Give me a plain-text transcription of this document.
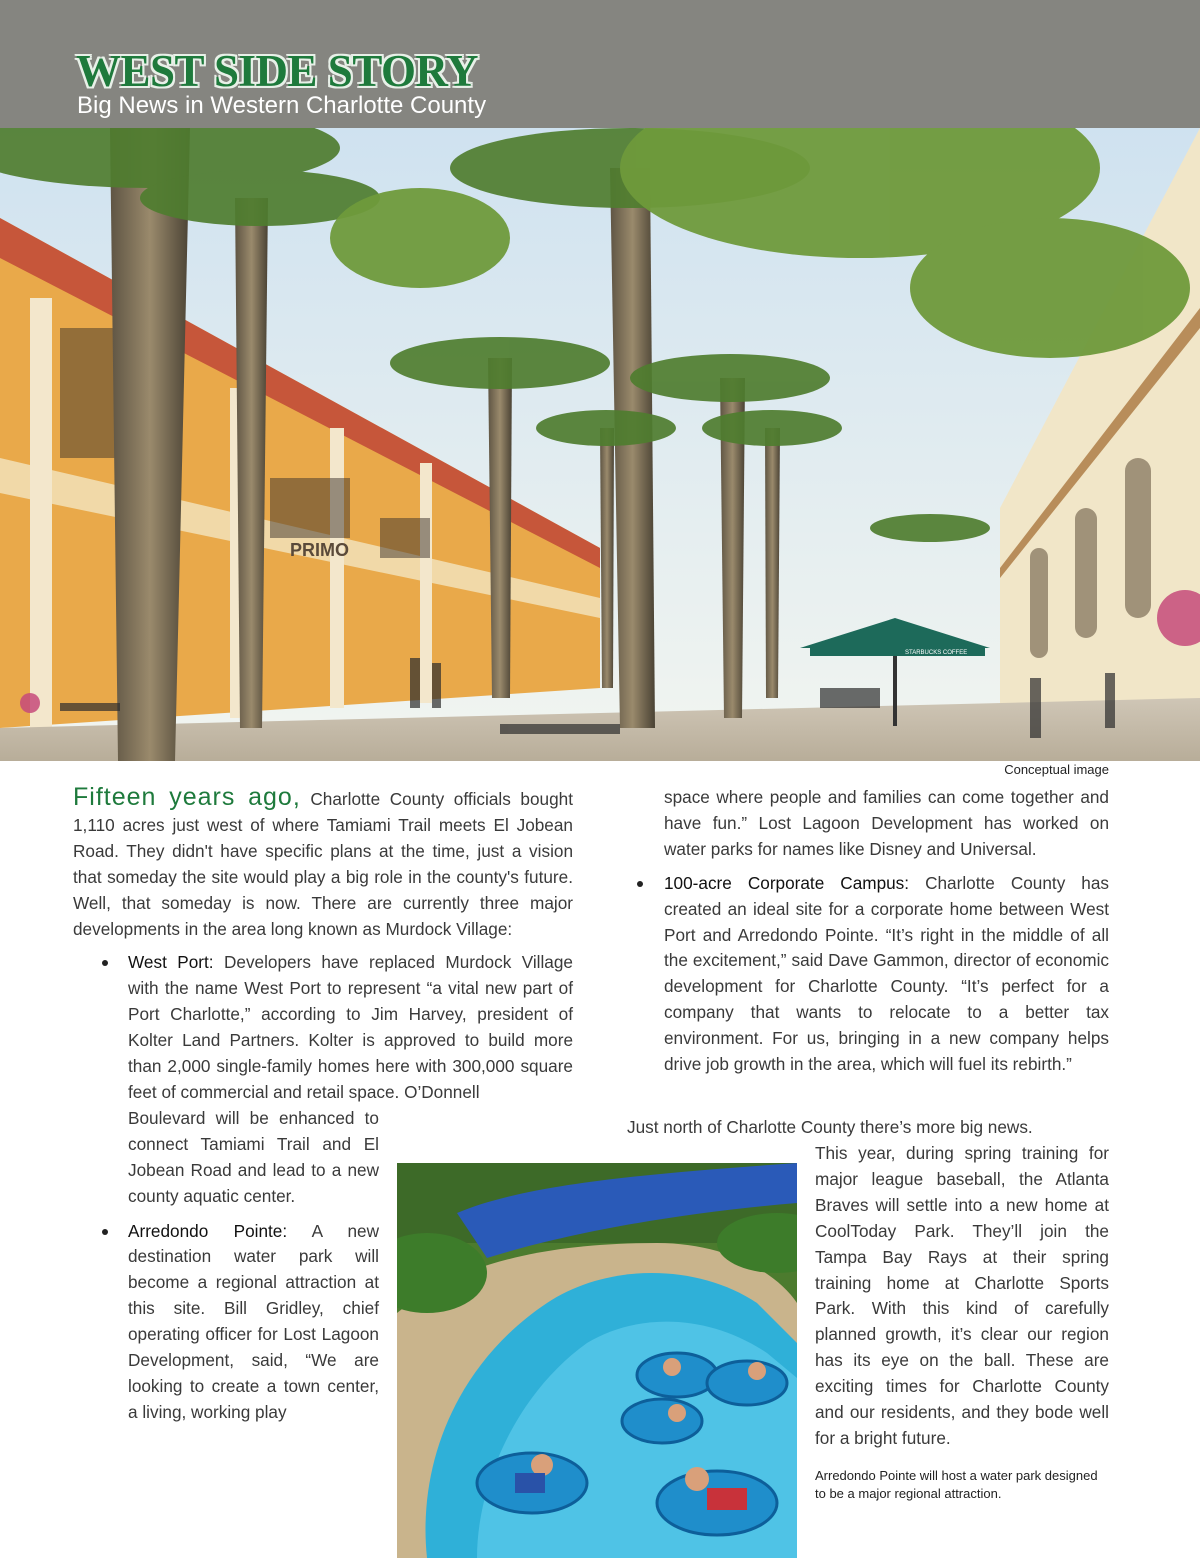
WEST SIDE STORY
Big News in Western Charlotte County
PRIMO
STARBUCKS COFFEE
Conceptual image

Fifteen years ago, Charlotte County officials bought 1,110 acres just west of where Tamiami Trail meets El Jobean Road. They didn't have specific plans at the time, just a vision that someday the site would play a big role in the county's future. Well, that someday is now. There are currently three major developments in the area long known as Murdock Village:

West Port: Developers have replaced Murdock Village with the name West Port to represent “a vital new part of Port Charlotte,” according to Jim Harvey, president of Kolter Land Partners. Kolter is approved to build more than 2,000 single-family homes here with 300,000 square feet of commercial and retail space. O’Donnell

Boulevard will be enhanced to connect Tamiami Trail and El Jobean Road and lead to a new county aquatic center.

Arredondo Pointe: A new destination water park will become a regional attraction at this site. Bill Gridley, chief operating officer for Lost Lagoon Development, said, “We are looking to create a town center, a living, working play

space where people and families can come together and have fun.” Lost Lagoon Development has worked on water parks for names like Disney and Universal.

100-acre Corporate Campus: Charlotte County has created an ideal site for a corporate home between West Port and Arredondo Pointe. “It’s right in the middle of all the excitement,” said Dave Gammon, director of economic development for Charlotte County. “It’s perfect for a company that wants to relocate to a better tax environment. For us, bringing in a new company helps drive job growth in the area, which will fuel its rebirth.”

Just north of Charlotte County there’s more big news.

This year, during spring training for major league baseball, the Atlanta Braves will settle into a new home at CoolToday Park. They’ll join the Tampa Bay Rays at their spring training home at Charlotte Sports Park. With this kind of carefully planned growth, it’s clear our region has its eye on the ball. These are exciting times for Charlotte County and our residents, and they bode well for a bright future.

Arredondo Pointe will host a water park designed to be a major regional attraction.
